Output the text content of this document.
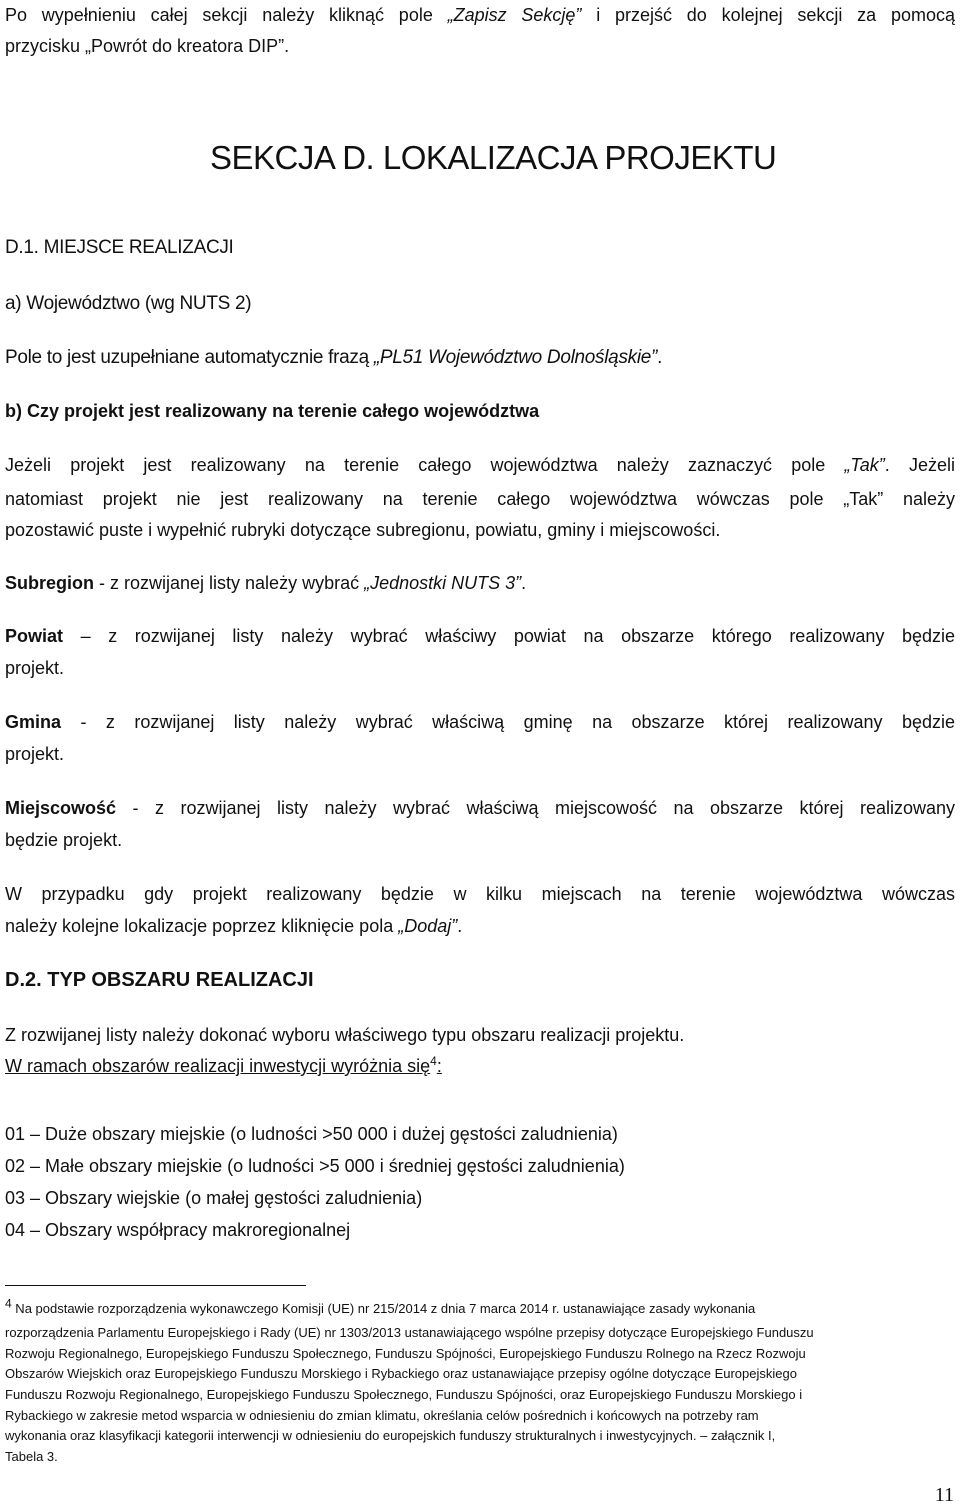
Po wypełnieniu całej sekcji należy kliknąć pole „Zapisz Sekcję” i przejść do kolejnej sekcji za pomocą
przycisku „Powrót do kreatora DIP”.
SEKCJA D. LOKALIZACJA PROJEKTU
D.1. MIEJSCE REALIZACJI
a) Województwo (wg NUTS 2)
Pole to jest uzupełniane automatycznie frazą „PL51 Województwo Dolnośląskie”.
b) Czy projekt jest realizowany na terenie całego województwa
Jeżeli projekt jest realizowany na terenie całego województwa należy zaznaczyć pole „Tak”. Jeżeli
natomiast projekt nie jest realizowany na terenie całego województwa wówczas pole „Tak” należy
pozostawić puste i wypełnić rubryki dotyczące subregionu, powiatu, gminy i miejscowości.
Subregion - z rozwijanej listy należy wybrać „Jednostki NUTS 3”.
Powiat – z rozwijanej listy należy wybrać właściwy powiat na obszarze którego realizowany będzie
projekt.
Gmina - z rozwijanej listy należy wybrać właściwą gminę na obszarze której realizowany będzie
projekt.
Miejscowość - z rozwijanej listy należy wybrać właściwą miejscowość na obszarze której realizowany
będzie projekt.
W przypadku gdy projekt realizowany będzie w kilku miejscach na terenie województwa wówczas
należy kolejne lokalizacje poprzez kliknięcie pola „Dodaj”.
D.2. TYP OBSZARU REALIZACJI
Z rozwijanej listy należy dokonać wyboru właściwego typu obszaru realizacji projektu.
W ramach obszarów realizacji inwestycji wyróżnia się$^4$:
01 – Duże obszary miejskie (o ludności >50 000 i dużej gęstości zaludnienia)
02 – Małe obszary miejskie (o ludności >5 000 i średniej gęstości zaludnienia)
03 – Obszary wiejskie (o małej gęstości zaludnienia)
04 – Obszary współpracy makroregionalnej
4 Na podstawie rozporządzenia wykonawczego Komisji (UE) nr 215/2014 z dnia 7 marca 2014 r. ustanawiające zasady wykonania
rozporządzenia Parlamentu Europejskiego i Rady (UE) nr 1303/2013 ustanawiającego wspólne przepisy dotyczące Europejskiego Funduszu
Rozwoju Regionalnego, Europejskiego Funduszu Społecznego, Funduszu Spójności, Europejskiego Funduszu Rolnego na Rzecz Rozwoju
Obszarów Wiejskich oraz Europejskiego Funduszu Morskiego i Rybackiego oraz ustanawiające przepisy ogólne dotyczące Europejskiego
Funduszu Rozwoju Regionalnego, Europejskiego Funduszu Społecznego, Funduszu Spójności, oraz Europejskiego Funduszu Morskiego i
Rybackiego w zakresie metod wsparcia w odniesieniu do zmian klimatu, określania celów pośrednich i końcowych na potrzeby ram
wykonania oraz klasyfikacji kategorii interwencji w odniesieniu do europejskich funduszy strukturalnych i inwestycyjnych. – załącznik I,
Tabela 3.
11
